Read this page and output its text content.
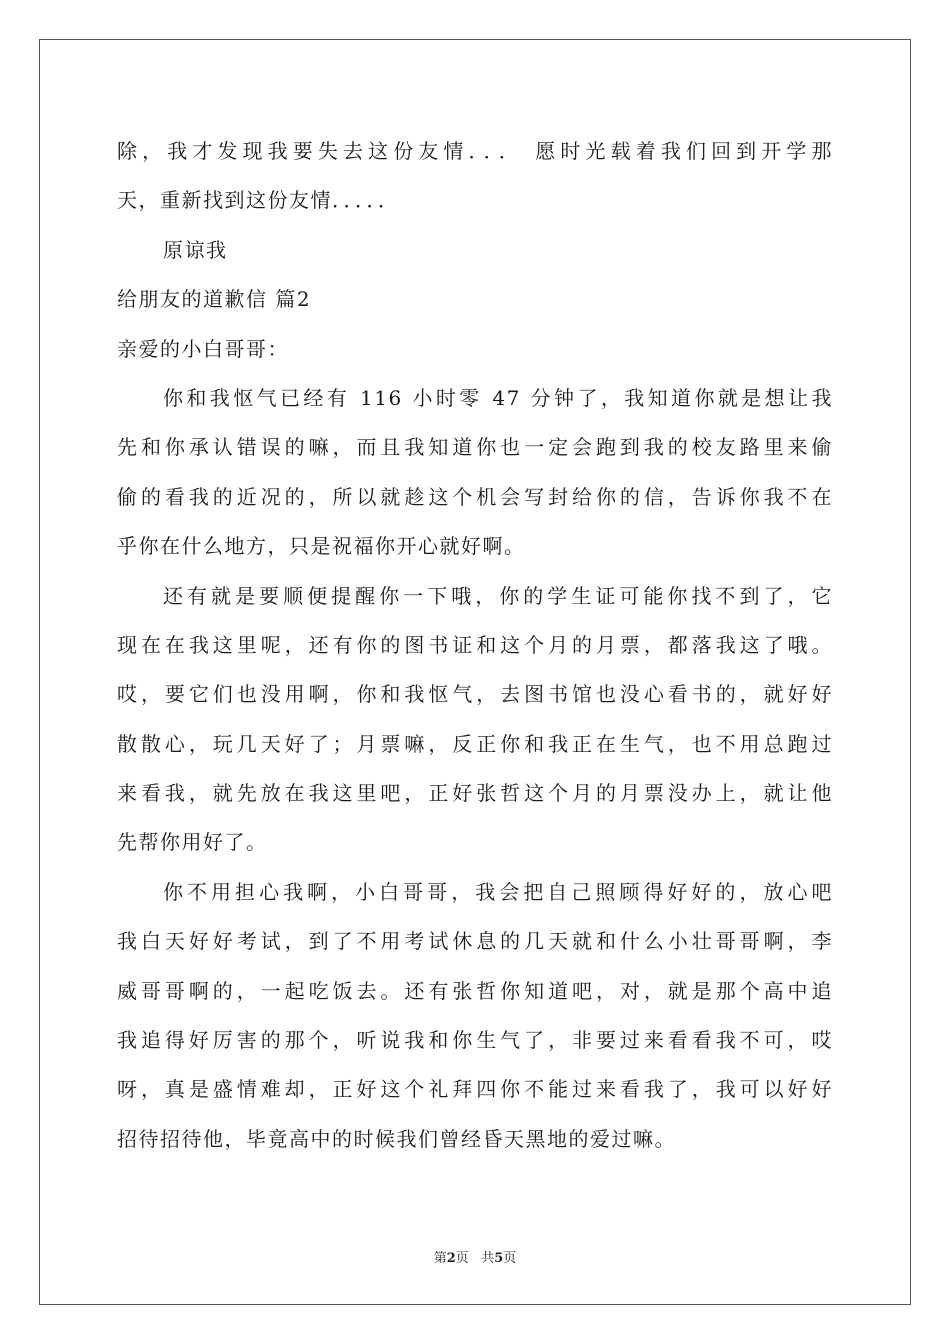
除，我才发现我要失去这份友情．．． 愿时光载着我们回到开学那
天，重新找到这份友情．．．．．
原谅我
给朋友的道歉信 篇2
亲爱的小白哥哥：
你和我怄气已经有 116 小时零 47 分钟了，我知道你就是想让我
先和你承认错误的嘛，而且我知道你也一定会跑到我的校友路里来偷
偷的看我的近况的，所以就趁这个机会写封给你的信，告诉你我不在
乎你在什么地方，只是祝福你开心就好啊。
还有就是要顺便提醒你一下哦，你的学生证可能你找不到了，它
现在在我这里呢，还有你的图书证和这个月的月票，都落我这了哦。
哎，要它们也没用啊，你和我怄气，去图书馆也没心看书的，就好好
散散心，玩几天好了；月票嘛，反正你和我正在生气，也不用总跑过
来看我，就先放在我这里吧，正好张哲这个月的月票没办上，就让他
先帮你用好了。
你不用担心我啊，小白哥哥，我会把自己照顾得好好的，放心吧
我白天好好考试，到了不用考试休息的几天就和什么小壮哥哥啊，李
威哥哥啊的，一起吃饭去。还有张哲你知道吧，对，就是那个高中追
我追得好厉害的那个，听说我和你生气了，非要过来看看我不可，哎
呀，真是盛情难却，正好这个礼拜四你不能过来看我了，我可以好好
招待招待他，毕竟高中的时候我们曾经昏天黑地的爱过嘛。
第2页 共5页
